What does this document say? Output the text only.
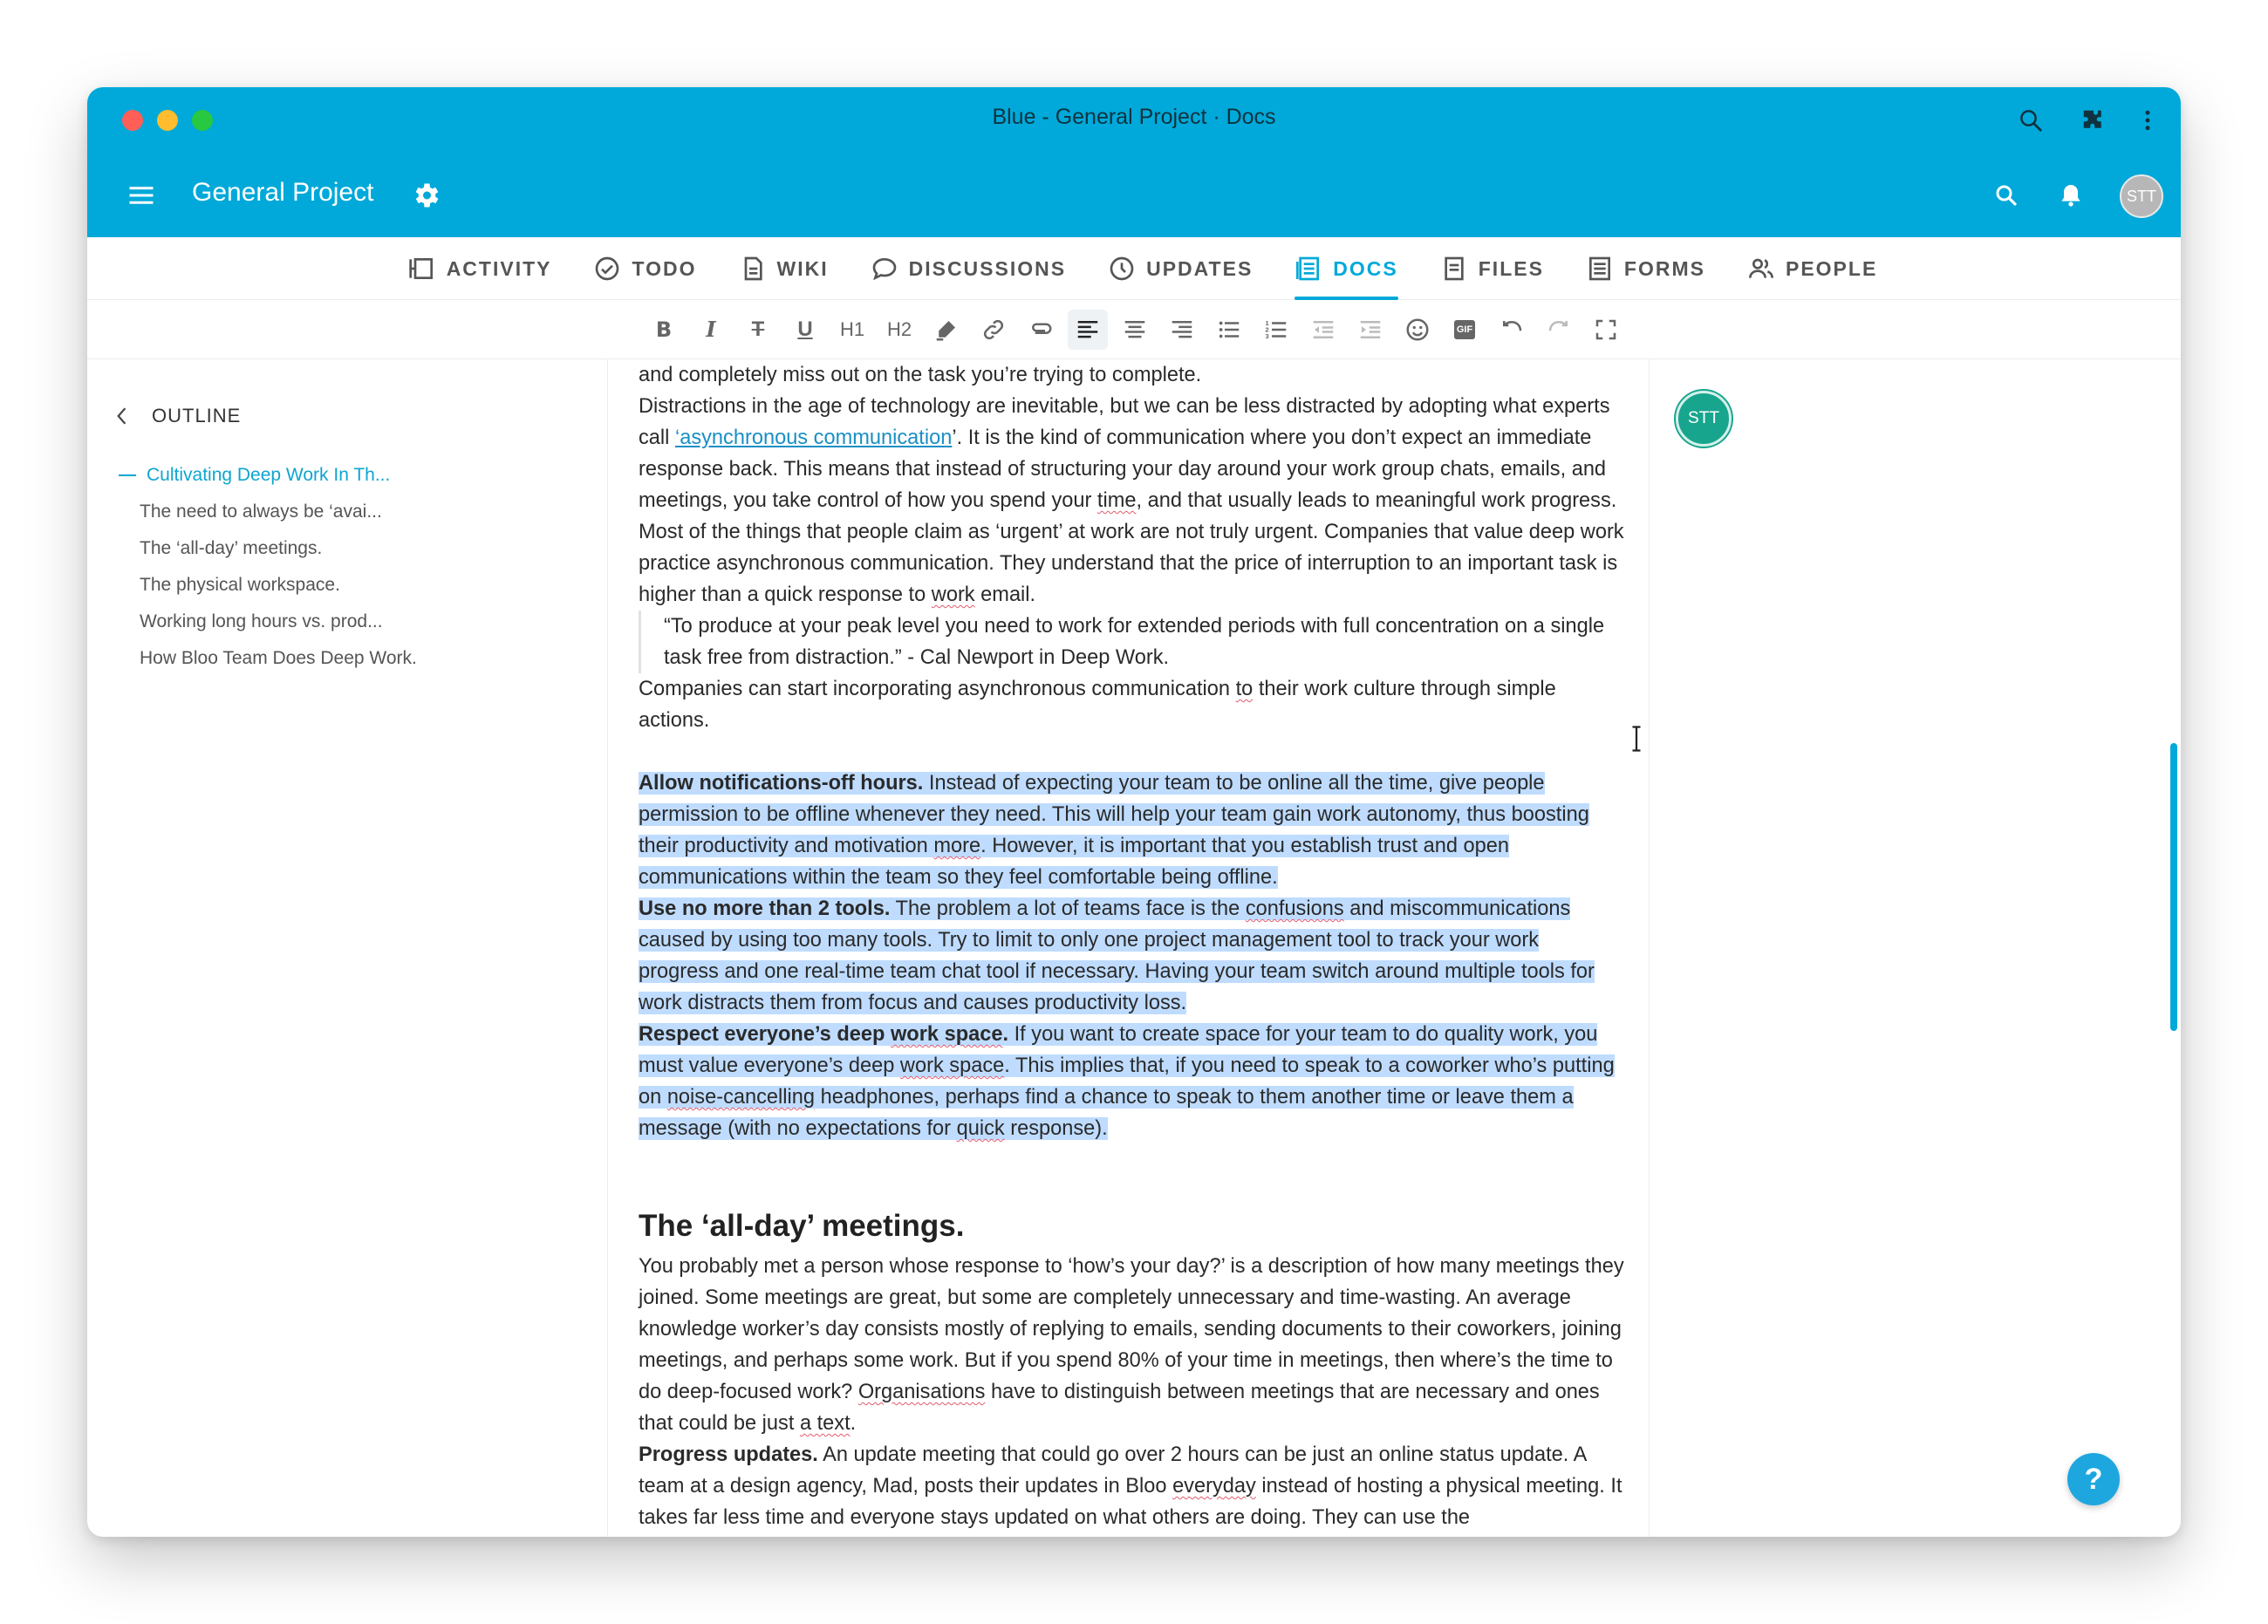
Blue - General Project · Docs
General Project	STT
ACTIVITY	TODO	WIKI	DISCUSSIONS	UPDATES	DOCS	FILES	FORMS	PEOPLE
B I T U H1 H2	1
2
3
GIF
OUTLINE
Cultivating Deep Work In Th...
The need to always be ‘avai...
The ‘all-day’ meetings.
The physical workspace.
Working long hours vs. prod...
How Bloo Team Does Deep Work.

and completely miss out on the task you’re trying to complete.

Distractions in the age of technology are inevitable, but we can be less distracted by adopting what experts call ‘asynchronous communication’. It is the kind of communication where you don’t expect an immediate response back. This means that instead of structuring your day around your work group chats, emails, and meetings, you take control of how you spend your time, and that usually leads to meaningful work progress. Most of the things that people claim as ‘urgent’ at work are not truly urgent. Companies that value deep work practice asynchronous communication. They understand that the price of interruption to an important task is higher than a quick response to work email.

“To produce at your peak level you need to work for extended periods with full concentration on a single task free from distraction.” - Cal Newport in Deep Work.

Companies can start incorporating asynchronous communication to their work culture through simple actions.

Allow notifications-off hours. Instead of expecting your team to be online all the time, give people permission to be offline whenever they need. This will help your team gain work autonomy, thus boosting their productivity and motivation more. However, it is important that you establish trust and open communications within the team so they feel comfortable being offline.

Use no more than 2 tools. The problem a lot of teams face is the confusions and miscommunications caused by using too many tools. Try to limit to only one project management tool to track your work progress and one real-time team chat tool if necessary. Having your team switch around multiple tools for work distracts them from focus and causes productivity loss.

Respect everyone’s deep work space. If you want to create space for your team to do quality work, you must value everyone’s deep work space. This implies that, if you need to speak to a coworker who’s putting on noise-cancelling headphones, perhaps find a chance to speak to them another time or leave them a message (with no expectations for quick response).

The ‘all-day’ meetings.

You probably met a person whose response to ‘how’s your day?’ is a description of how many meetings they joined. Some meetings are great, but some are completely unnecessary and time-wasting. An average knowledge worker’s day consists mostly of replying to emails, sending documents to their coworkers, joining meetings, and perhaps some work. But if you spend 80% of your time in meetings, then where’s the time to do deep-focused work? Organisations have to distinguish between meetings that are necessary and ones that could be just a text.

Progress updates. An update meeting that could go over 2 hours can be just an online status update. A team at a design agency, Mad, posts their updates in Bloo everyday instead of hosting a physical meeting. It takes far less time and everyone stays updated on what others are doing. They can use the

STT
?
